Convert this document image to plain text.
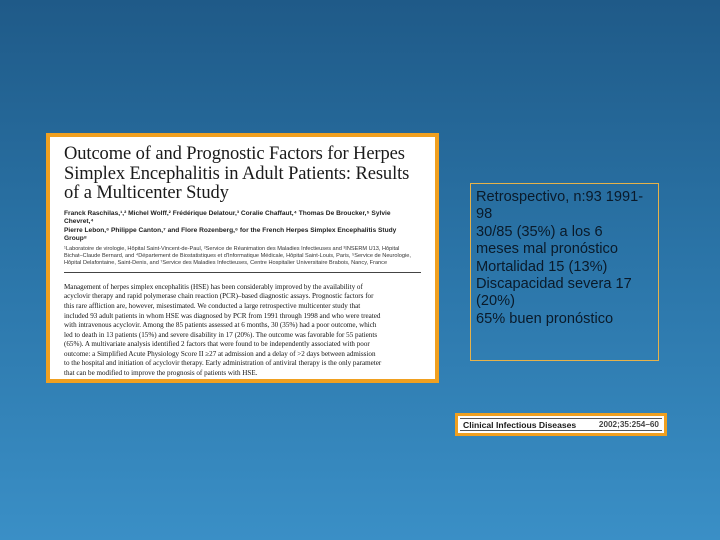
Outcome of and Prognostic Factors for Herpes
Simplex Encephalitis in Adult Patients: Results
of a Multicenter Study
Franck Raschilas,¹,² Michel Wolff,² Frédérique Delatour,³ Coralie Chaffaut,⁴ Thomas De Broucker,⁵ Sylvie Chevret,⁴
Pierre Lebon,⁶ Philippe Canton,⁷ and Flore Rozenberg,⁶ for the French Herpes Simplex Encephalitis Study Group⁸
¹Laboratoire de virologie, Hôpital Saint-Vincent-de-Paul, ²Service de Réanimation des Maladies Infectieuses and ³INSERM U13, Hôpital
Bichat–Claude Bernard, and ⁴Département de Biostatistiques et d'Informatique Médicale, Hôpital Saint-Louis, Paris, ⁵Service de Neurologie,
Hôpital Delafontaine, Saint-Denis, and ⁷Service des Maladies Infectieuses, Centre Hospitalier Universitaire Brabois, Nancy, France
Management of herpes simplex encephalitis (HSE) has been considerably improved by the availability of
acyclovir therapy and rapid polymerase chain reaction (PCR)–based diagnostic assays. Prognostic factors for
this rare affliction are, however, misestimated. We conducted a large retrospective multicenter study that
included 93 adult patients in whom HSE was diagnosed by PCR from 1991 through 1998 and who were treated
with intravenous acyclovir. Among the 85 patients assessed at 6 months, 30 (35%) had a poor outcome, which
led to death in 13 patients (15%) and severe disability in 17 (20%). The outcome was favorable for 55 patients
(65%). A multivariate analysis identified 2 factors that were found to be independently associated with poor
outcome: a Simplified Acute Physiology Score II ≥27 at admission and a delay of >2 days between admission
to the hospital and initiation of acyclovir therapy. Early administration of antiviral therapy is the only parameter
that can be modified to improve the prognosis of patients with HSE.
Retrospectivo, n:93 1991-
98
30/85 (35%) a los 6
meses mal pronóstico
Mortalidad 15 (13%)
Discapacidad severa 17
(20%)
65% buen pronóstico
Clinical Infectious Diseases	2002;35:254–60
